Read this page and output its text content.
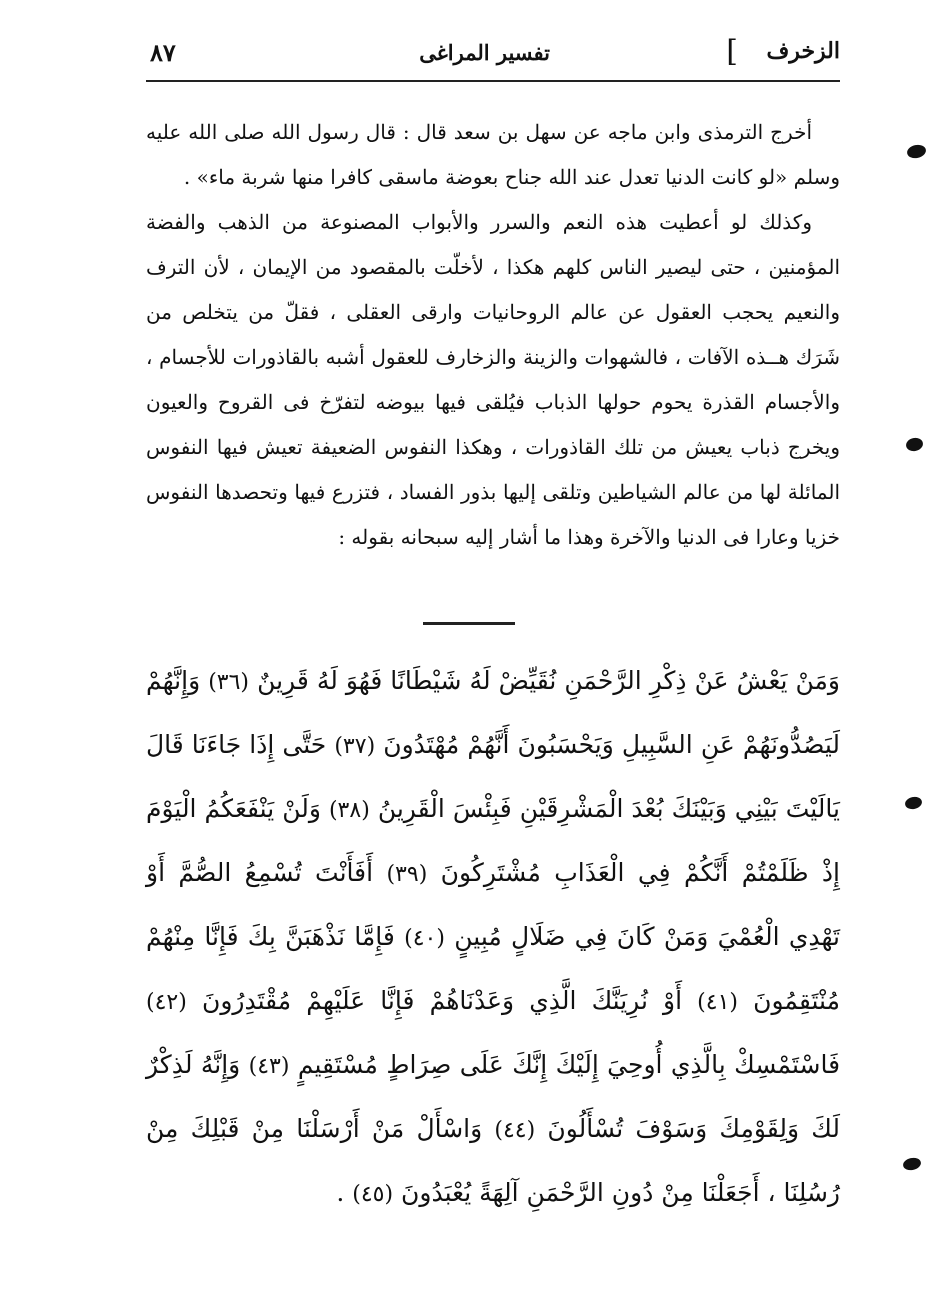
الزخرف
]
تفسير المراغى
٨٧

أخرج الترمذى وابن ماجه عن سهل بن سعد قال : قال رسول الله صلى الله عليه وسلم «لو كانت الدنيا تعدل عند الله جناح بعوضة ماسقى كافرا منها شربة ماء» .

وكذلك لو أعطيت هذه النعم والسرر والأبواب المصنوعة من الذهب والفضة المؤمنين ، حتى ليصير الناس كلهم هكذا ، لأخلّت بالمقصود من الإيمان ، لأن الترف والنعيم يحجب العقول عن عالم الروحانيات وارقى العقلى ، فقلّ من يتخلص من شَرَك هــذه الآفات ، فالشهوات والزينة والزخارف للعقول أشبه بالقاذورات للأجسام ، والأجسام القذرة يحوم حولها الذباب فيُلقى فيها بيوضه لتفرّخ فى القروح والعيون ويخرج ذباب يعيش من تلك القاذورات ، وهكذا النفوس الضعيفة تعيش فيها النفوس المائلة لها من عالم الشياطين وتلقى إليها بذور الفساد ، فتزرع فيها وتحصدها النفوس خزيا وعارا فى الدنيا والآخرة وهذا ما أشار إليه سبحانه بقوله :

وَمَنْ يَعْشُ عَنْ ذِكْرِ الرَّحْمَنِ نُقَيِّضْ لَهُ شَيْطَانًا فَهُوَ لَهُ قَرِينٌ (٣٦) وَإِنَّهُمْ لَيَصُدُّونَهُمْ عَنِ السَّبِيلِ وَيَحْسَبُونَ أَنَّهُمْ مُهْتَدُونَ (٣٧) حَتَّى إِذَا جَاءَنَا قَالَ يَالَيْتَ بَيْنِي وَبَيْنَكَ بُعْدَ الْمَشْرِقَيْنِ فَبِئْسَ الْقَرِينُ (٣٨) وَلَنْ يَنْفَعَكُمُ الْيَوْمَ إِذْ ظَلَمْتُمْ أَنَّكُمْ فِي الْعَذَابِ مُشْتَرِكُونَ (٣٩) أَفَأَنْتَ تُسْمِعُ الصُّمَّ أَوْ تَهْدِي الْعُمْيَ وَمَنْ كَانَ فِي ضَلَالٍ مُبِينٍ (٤٠) فَإِمَّا نَذْهَبَنَّ بِكَ فَإِنَّا مِنْهُمْ مُنْتَقِمُونَ (٤١) أَوْ نُرِيَنَّكَ الَّذِي وَعَدْنَاهُمْ فَإِنَّا عَلَيْهِمْ مُقْتَدِرُونَ (٤٢) فَاسْتَمْسِكْ بِالَّذِي أُوحِيَ إِلَيْكَ إِنَّكَ عَلَى صِرَاطٍ مُسْتَقِيمٍ (٤٣) وَإِنَّهُ لَذِكْرٌ لَكَ وَلِقَوْمِكَ وَسَوْفَ تُسْأَلُونَ (٤٤) وَاسْأَلْ مَنْ أَرْسَلْنَا مِنْ قَبْلِكَ مِنْ رُسُلِنَا ، أَجَعَلْنَا مِنْ دُونِ الرَّحْمَنِ آلِهَةً يُعْبَدُونَ (٤٥) .
